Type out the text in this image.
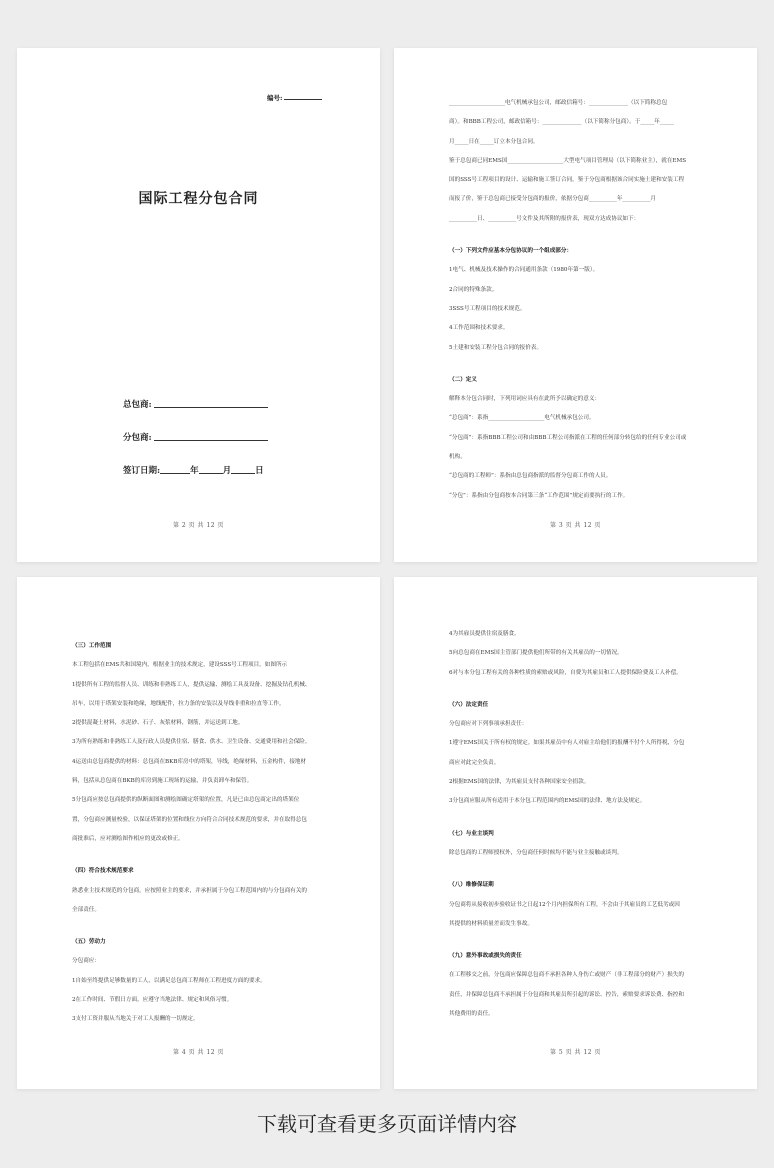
编号:
国际工程分包合同
总包商:
分包商:
签订日期:	年	月	日
第 2 页 共 12 页

____________________电气机械承包公司，邮政信箱号：______________（以下简称总包

商）。和BBB工程公司，邮政信箱号：______________（以下简称分包商）。于_____年_____

月_____日在_____订立本分包合同。

鉴于总包商已同EMS国____________________大型电气项目管理局（以下简称业主），就在EMS

国的SSS号工程项目的设计、运输和施工签订合同，鉴于分包商根据该合同实施土建和安装工程

而报了价，鉴于总包商已接受分包商的报价，依据分包商__________年__________月

__________日、__________号文件及其所附的报价表，现双方达成协议如下：

（一）下列文件应基本分包协议的一个组成部分：

1电气、机械及技术操作的合同通用条款（1980年第一版）。

2合同的特殊条款。

3SSS号工程项目的技术规范。

4工作范围和技术要求。

5土建和安装工程分包合同的报价表。

（二）定义

解释本分包合同时，下列用词应具有在此所予以确定的意义：

“总包商”：系指____________________电气机械承包公司。

“分包商”：系指BBB工程公司和由BBB工程公司指派在工程的任何部分转包给的任何专业公司或

机构。

“总包商的工程师”：系指由总包商指派的监督分包商工作的人员。

“分包”：系指由分包商按本合同第三条“工作范围”规定而要执行的工作。

第 3 页 共 12 页

（三）工作范围

本工程包括在EMS共和国境内，根据业主的技术规定，建设SSS号工程项目，如图所示

1提供所有工程的监督人员、训练和非熟练工人，提供运输、测绘工具及设备、挖掘及钻孔机械、

吊车，以用于塔架安装和绝缘，地线配件，拉力条的安装以及导线非重和拉直等工作。

2提供混凝土材料，水泥砂、石子、灰浆材料，钢筋，并运送到工地。

3为所有熟练和非熟练工人及行政人员提供住宿、膳食、供水、卫生设备、交通费用和社会保险。

4运送由总包商提供的材料：总包商在BKB库房中的塔架，导线，绝缘材料，五金构件，接地材

料，包括从总包商在BKB的库房到施工现场的运输，并负责卸车和保管。

5分包商应按总包商提供的纵断面图和测绘图确定塔架的位置，凡是已由总包商定出的塔架位

置，分包商应测量校验，以保证塔架的位置和线位方向符合合同技术规范的要求，并在取得总包

商批准后，应对测绘图作相应的更改或修正。

（四）符合技术规范要求

熟悉业主技术规范的分包商，应按照业主的要求，并承担属于分包工程范围内的与分包商有关的

全部责任。

（五）劳动力

分包商应：

1自始至终提供足够数量的工人，以满足总包商工程师在工程进度方面的要求。

2在工作时间、节假日方面，应遵守当地法律、规定和风俗习惯。

3支付工资并服从当地关于对工人报酬的一切规定。

第 4 页 共 12 页

4为其雇员提供住宿及膳食。

5向总包商在EMS国主管部门提供他们所带的有关其雇员的一切情况。

6对与本分包工程有关的各种性质的索赔或风险，自费为其雇员和工人提供保险费及工人补偿。

（六）法定责任

分包商应对下列事项承担责任：

1遵守EMS国关于所有权的规定。如果其雇员中有人对雇主给他们的报酬不付个人所得税，分包

商应对此完全负责。

2根据EMS国的法律，为其雇员支付各种国家安全捐款。

3分包商应服从所有适用于本分包工程范围内的EMS国的法律、地方法及规定。

（七）与业主谈判

除总包商的工程师授权外，分包商任何时候均不能与业主接触或谈判。

（八）维修保证期

分包商将从接收初步验收证书之日起12个月内担保所有工程，不会由于其雇员的工艺低劣或因

其提供的材料质量差而发生事故。

（九）意外事故或损失的责任

在工程移交之前，分包商应保障总包商不承担各种人身伤亡或财产（非工程部分的财产）损失的

责任，并保障总包商不承担属于分包商和其雇员所引起的诉讼、控告，索赔要求诉讼费、指控和

其他费用的责任。

第 5 页 共 12 页
下载可查看更多页面详情内容
